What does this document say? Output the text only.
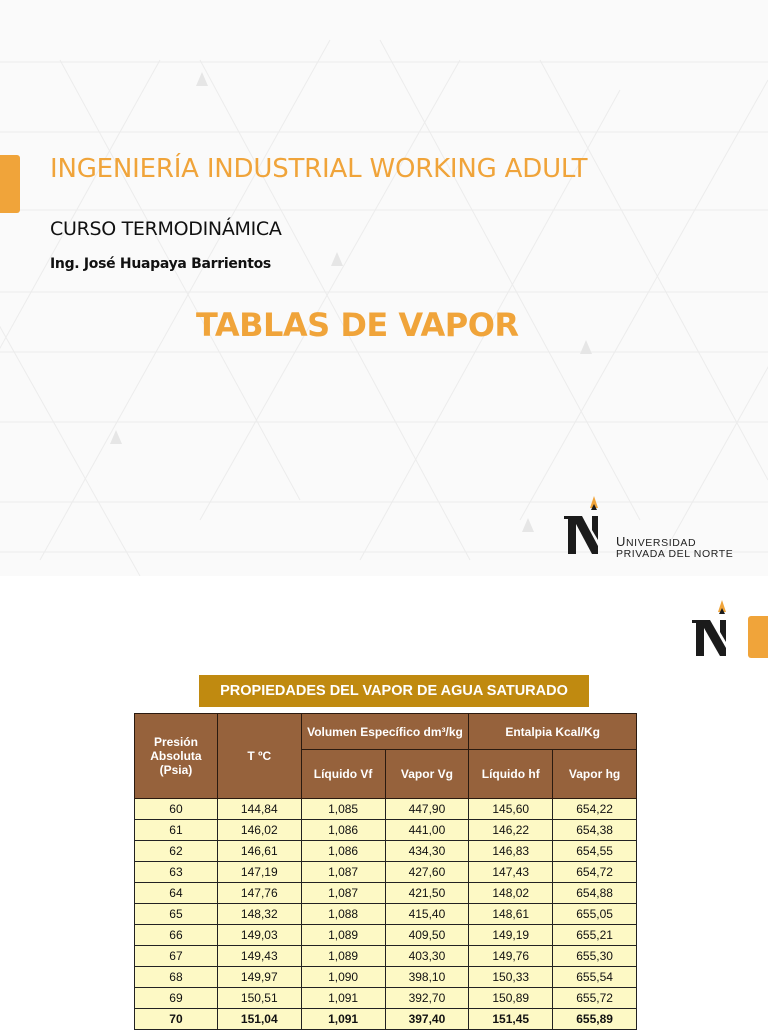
INGENIERÍA INDUSTRIAL WORKING ADULT
CURSO TERMODINÁMICA

Ing. José Huapaya Barrientos

TABLAS DE VAPOR
UNIVERSIDAD
PRIVADA DEL NORTE
PROPIEDADES DEL VAPOR DE AGUA SATURADO
Presión Absoluta (Psia)	T ºC	Volumen Específico dm³/kg		Entalpia Kcal/Kg	
		Líquido Vf	Vapor Vg	Líquido hf	Vapor hg
60	144,84	1,085	447,90	145,60	654,22
61	146,02	1,086	441,00	146,22	654,38
62	146,61	1,086	434,30	146,83	654,55
63	147,19	1,087	427,60	147,43	654,72
64	147,76	1,087	421,50	148,02	654,88
65	148,32	1,088	415,40	148,61	655,05
66	149,03	1,089	409,50	149,19	655,21
67	149,43	1,089	403,30	149,76	655,30
68	149,97	1,090	398,10	150,33	655,54
69	150,51	1,091	392,70	150,89	655,72
70	151,04	1,091	397,40	151,45	655,89
